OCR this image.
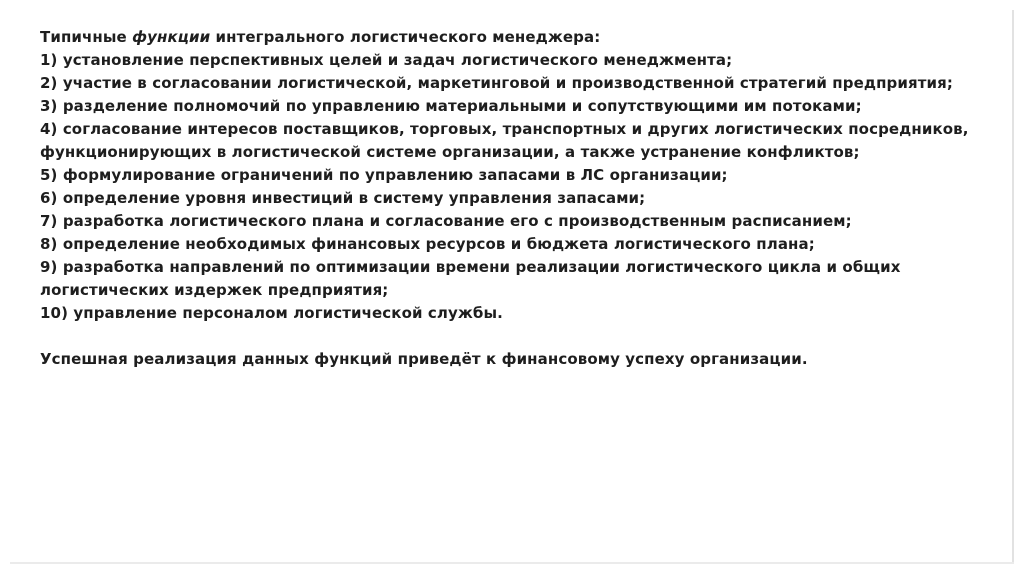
Типичные функции интегрального логистического менеджера:
1) установление перспективных целей и задач логистического менеджмента;
2) участие в согласовании логистической, маркетинговой и производственной стратегий предприятия;
3) разделение полномочий по управлению материальными и сопутствующими им потоками;
4) согласование интересов поставщиков, торговых, транспортных и других логистических посредников, функционирующих в логистической системе организации, а также устранение конфликтов;
5) формулирование ограничений по управлению запасами в ЛС организации;
6) определение уровня инвестиций в систему управления запасами;
7) разработка логистического плана и согласование его с производственным расписанием;
8) определение необходимых финансовых ресурсов и бюджета логистического плана;
9) разработка направлений по оптимизации времени реализации логистического цикла и общих логистических издержек предприятия;
10) управление персоналом логистической службы.
Успешная реализация данных функций приведёт к финансовому успеху организации.
